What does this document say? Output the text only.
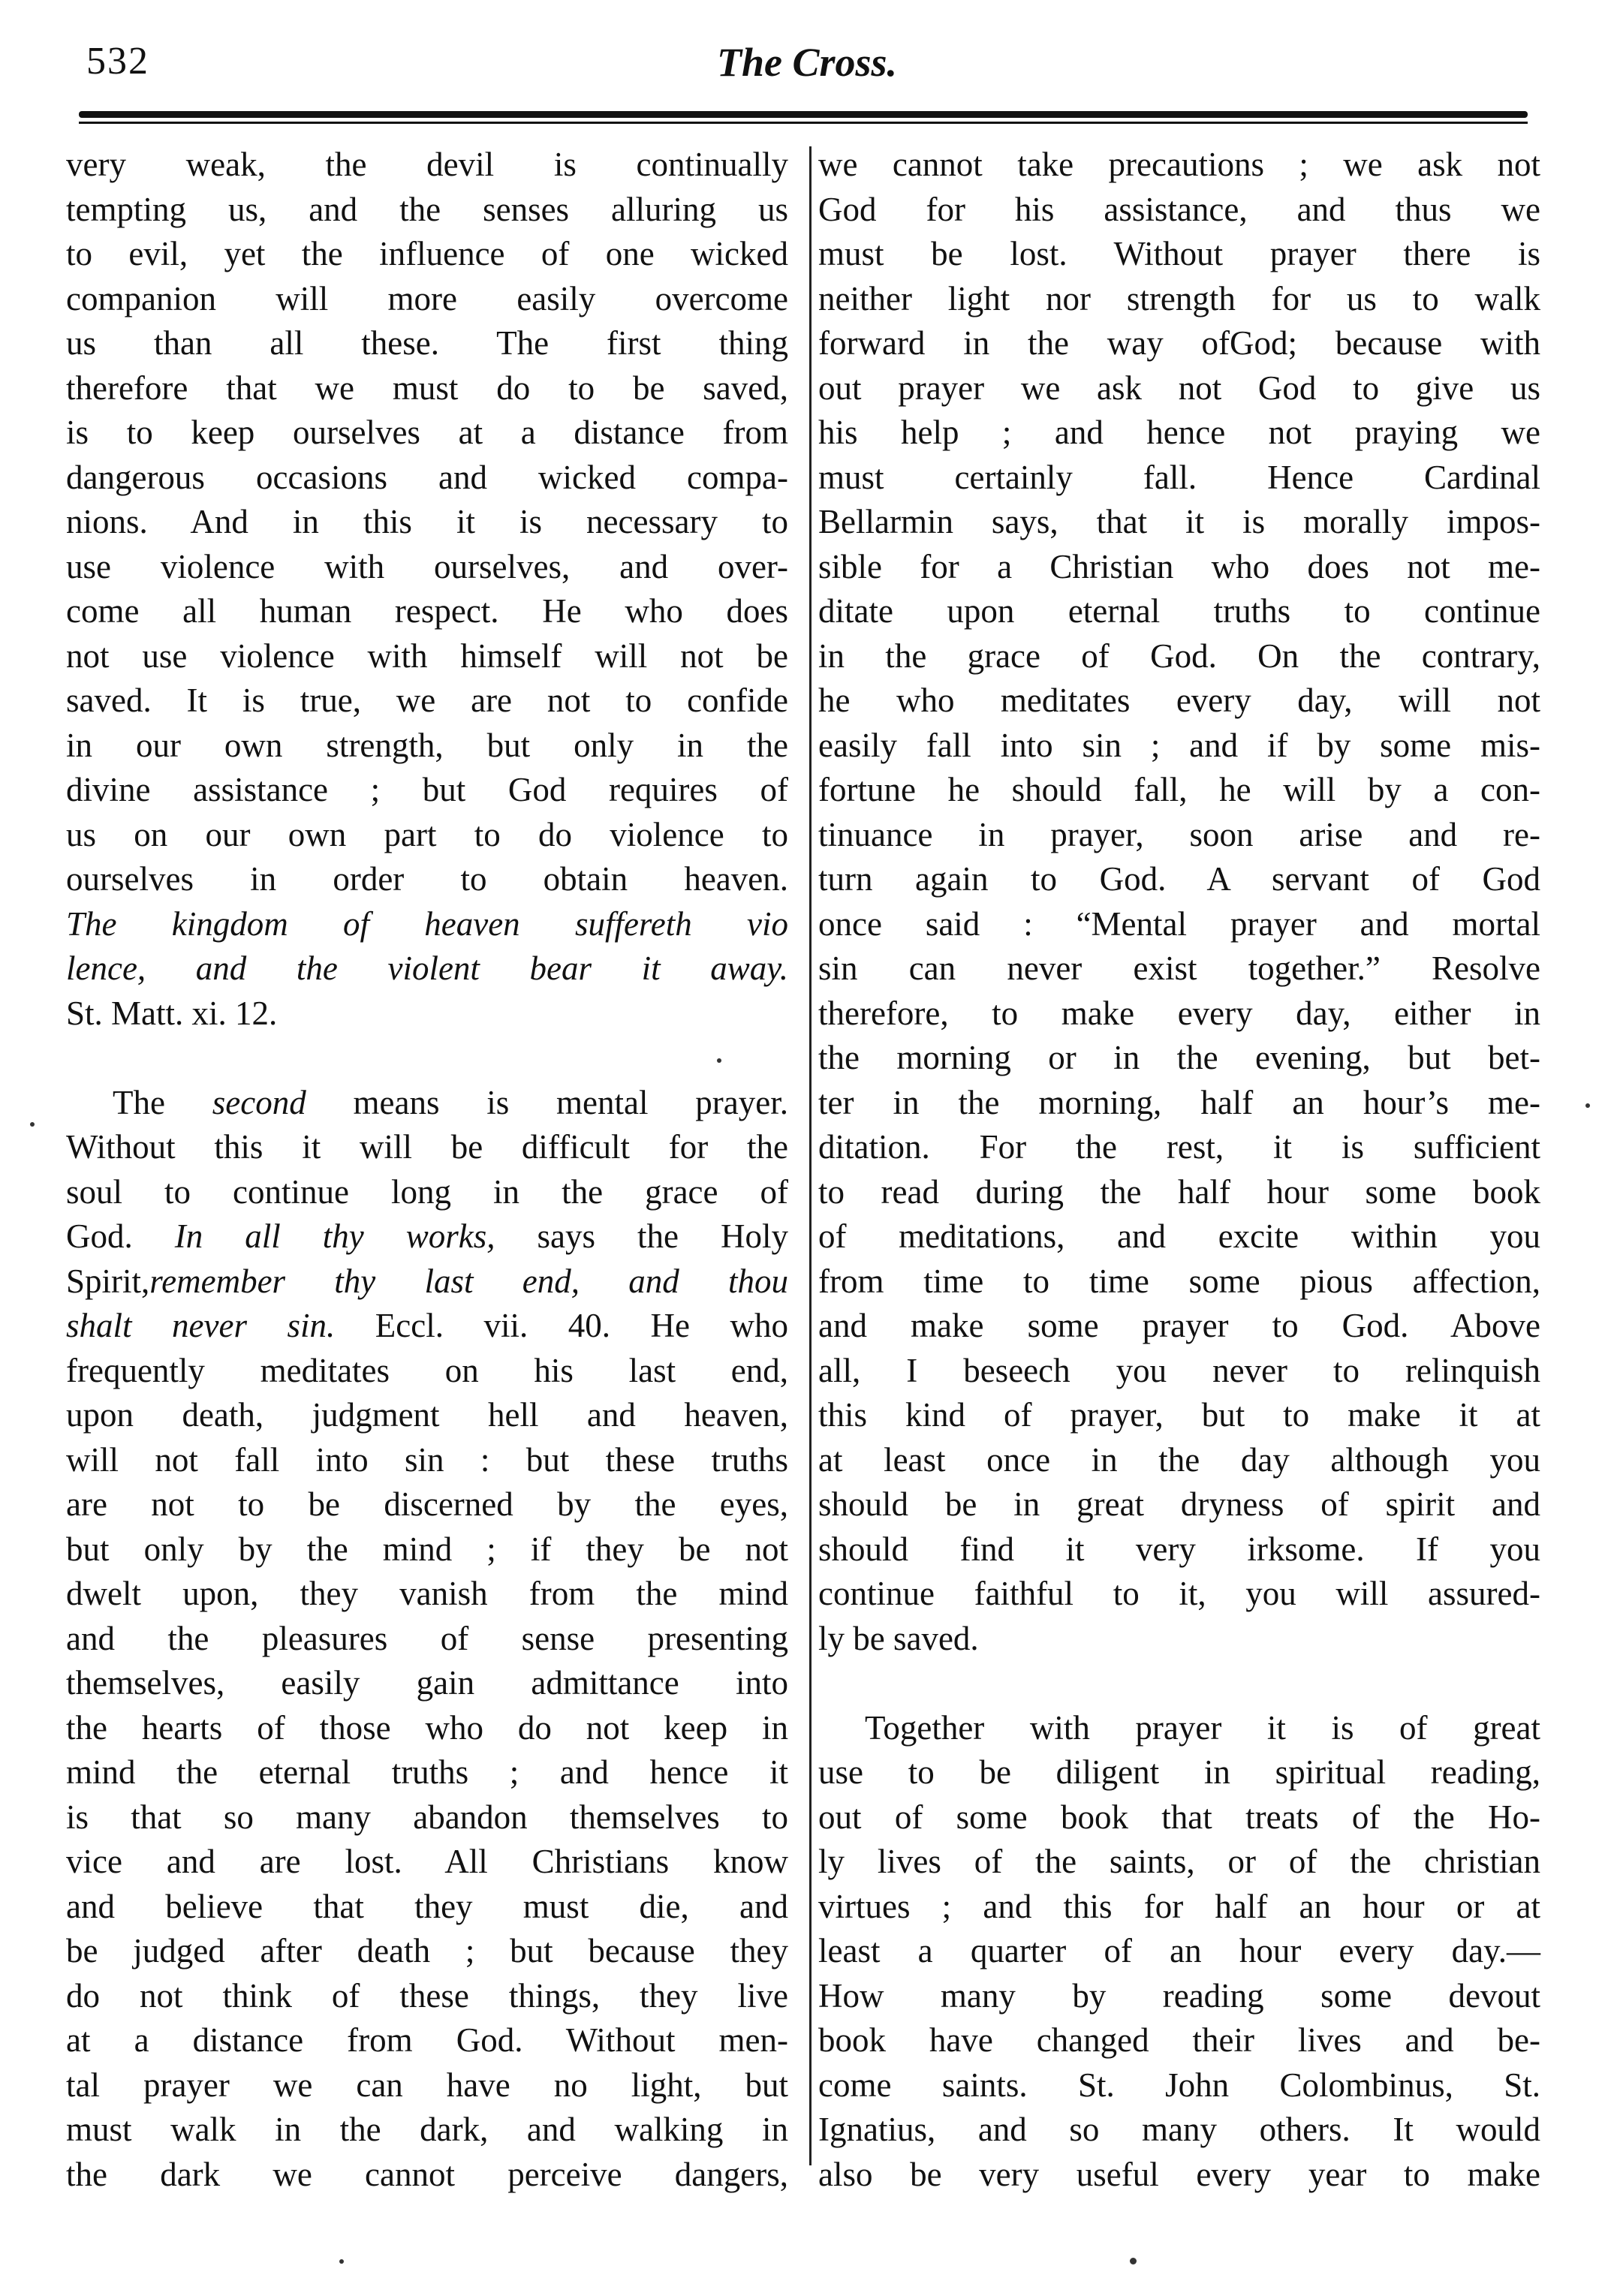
532	The Cross.

very weak, the devil is continually
tempting us, and the senses alluring us
to evil, yet the influence of one wicked
companion will more easily overcome
us than all these. The first thing
therefore that we must do to be saved,
is to keep ourselves at a distance from
dangerous occasions and wicked compa-
nions. And in this it is necessary to
use violence with ourselves, and over-
come all human respect. He who does
not use violence with himself will not be
saved. It is true, we are not to confide
in our own strength, but only in the
divine assistance ; but God requires of
us on our own part to do violence to
ourselves in order to obtain heaven.
The kingdom of heaven suffereth vio
lence, and the violent bear it away.
St. Matt. xi. 12.

The second means is mental prayer.
Without this it will be difficult for the
soul to continue long in the grace of
God. In all thy works, says the Holy
Spirit,remember thy last end, and thou
shalt never sin. Eccl. vii. 40. He who
frequently meditates on his last end,
upon death, judgment hell and heaven,
will not fall into sin : but these truths
are not to be discerned by the eyes,
but only by the mind ; if they be not
dwelt upon, they vanish from the mind
and the pleasures of sense presenting
themselves, easily gain admittance into
the hearts of those who do not keep in
mind the eternal truths ; and hence it
is that so many abandon themselves to
vice and are lost. All Christians know
and believe that they must die, and
be judged after death ; but because they
do not think of these things, they live
at a distance from God. Without men-
tal prayer we can have no light, but
must walk in the dark, and walking in
the dark we cannot perceive dangers,

we cannot take precautions ; we ask not
God for his assistance, and thus we
must be lost. Without prayer there is
neither light nor strength for us to walk
forward in the way ofGod; because with
out prayer we ask not God to give us
his help ; and hence not praying we
must certainly fall. Hence Cardinal
Bellarmin says, that it is morally impos-
sible for a Christian who does not me-
ditate upon eternal truths to continue
in the grace of God. On the contrary,
he who meditates every day, will not
easily fall into sin ; and if by some mis-
fortune he should fall, he will by a con-
tinuance in prayer, soon arise and re-
turn again to God. A servant of God
once said : “Mental prayer and mortal
sin can never exist together.” Resolve
therefore, to make every day, either in
the morning or in the evening, but bet-
ter in the morning, half an hour’s me-
ditation. For the rest, it is sufficient
to read during the half hour some book
of meditations, and excite within you
from time to time some pious affection,
and make some prayer to God. Above
all, I beseech you never to relinquish
this kind of prayer, but to make it at
at least once in the day although you
should be in great dryness of spirit and
should find it very irksome. If you
continue faithful to it, you will assured-
ly be saved.

Together with prayer it is of great
use to be diligent in spiritual reading,
out of some book that treats of the Ho-
ly lives of the saints, or of the christian
virtues ; and this for half an hour or at
least a quarter of an hour every day.—
How many by reading some devout
book have changed their lives and be-
come saints. St. John Colombinus, St.
Ignatius, and so many others. It would
also be very useful every year to make
